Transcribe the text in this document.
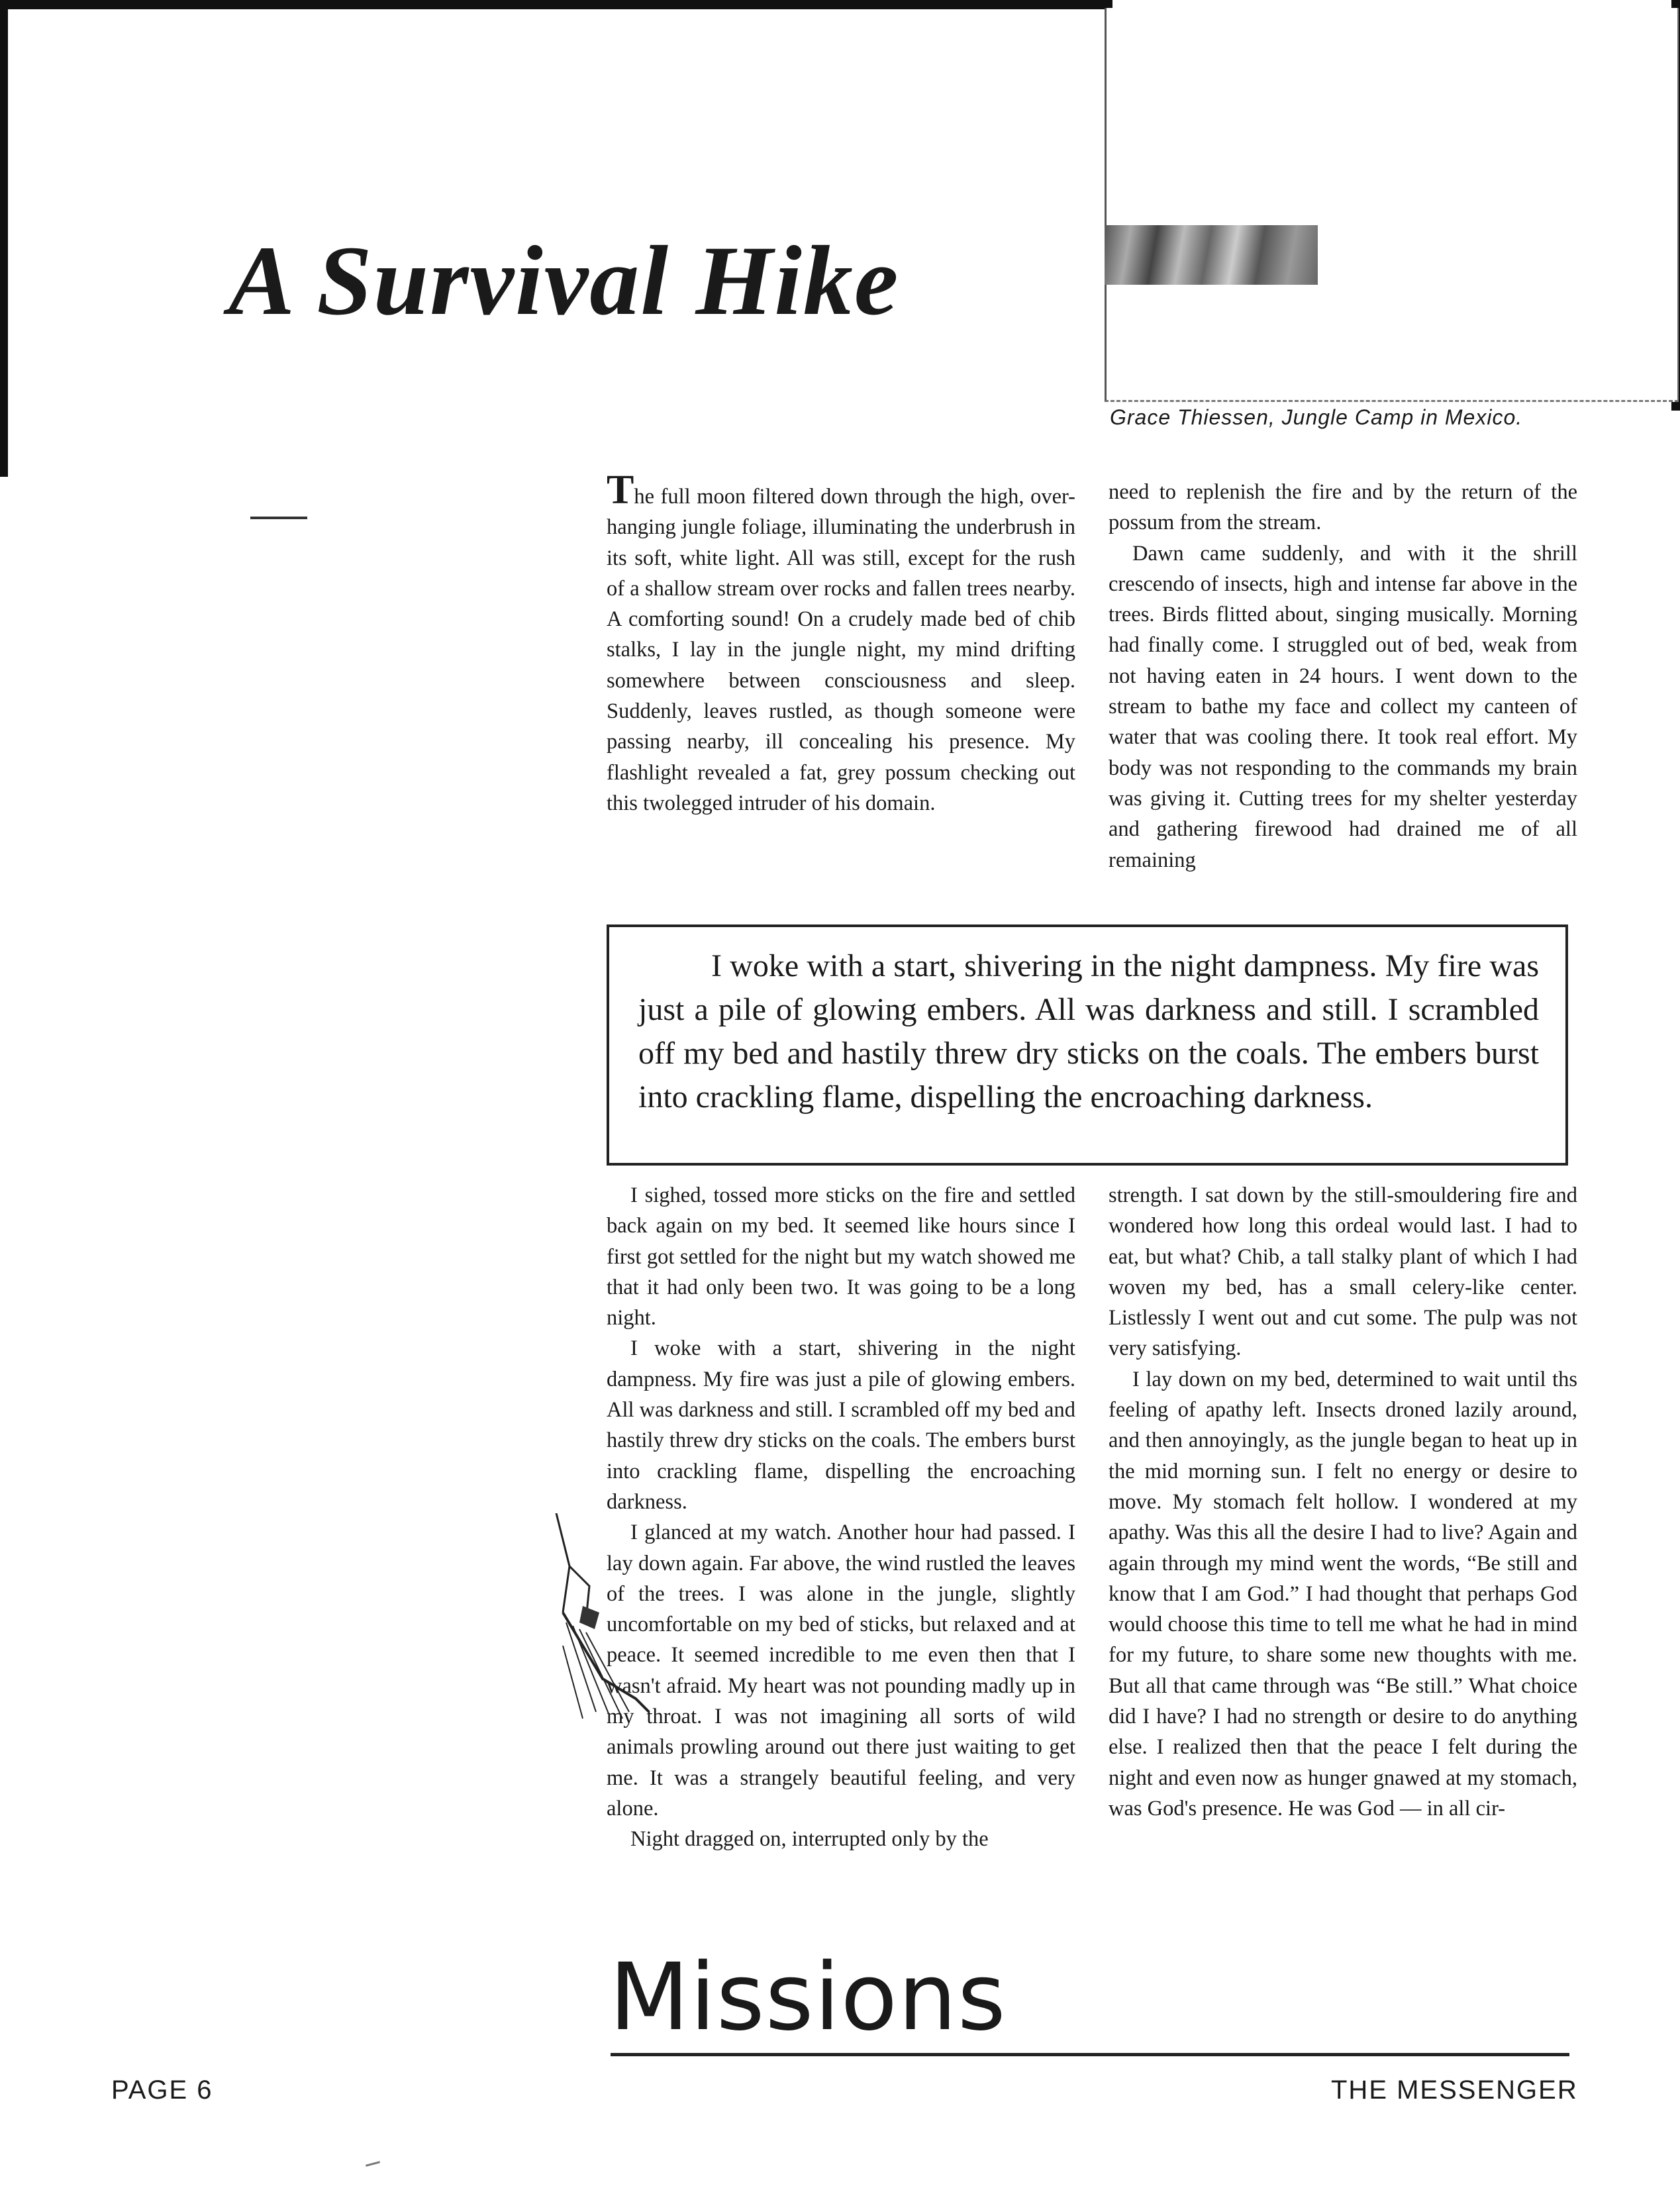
A Survival Hike
Grace Thiessen, Jungle Camp in Mexico.

The full moon filtered down through the high, over-hanging jungle foliage, illuminating the underbrush in its soft, white light. All was still, except for the rush of a shallow stream over rocks and fallen trees nearby. A comforting sound! On a crudely made bed of chib stalks, I lay in the jungle night, my mind drifting somewhere between consciousness and sleep. Suddenly, leaves rustled, as though someone were passing nearby, ill concealing his presence. My flashlight revealed a fat, grey possum checking out this twolegged intruder of his domain.

need to replenish the fire and by the return of the possum from the stream.

Dawn came suddenly, and with it the shrill crescendo of insects, high and intense far above in the trees. Birds flitted about, singing musically. Morning had finally come. I struggled out of bed, weak from not having eaten in 24 hours. I went down to the stream to bathe my face and collect my canteen of water that was cooling there. It took real effort. My body was not responding to the commands my brain was giving it. Cutting trees for my shelter yesterday and gathering firewood had drained me of all remaining

I woke with a start, shivering in the night dampness. My fire was just a pile of glowing embers. All was darkness and still. I scrambled off my bed and hastily threw dry sticks on the coals. The embers burst into crackling flame, dispelling the encroaching darkness.

I sighed, tossed more sticks on the fire and settled back again on my bed. It seemed like hours since I first got settled for the night but my watch showed me that it had only been two. It was going to be a long night.

I woke with a start, shivering in the night dampness. My fire was just a pile of glowing embers. All was darkness and still. I scrambled off my bed and hastily threw dry sticks on the coals. The embers burst into crackling flame, dispelling the encroaching darkness.

I glanced at my watch. Another hour had passed. I lay down again. Far above, the wind rustled the leaves of the trees. I was alone in the jungle, slightly uncomfortable on my bed of sticks, but relaxed and at peace. It seemed incredible to me even then that I wasn't afraid. My heart was not pounding madly up in my throat. I was not imagining all sorts of wild animals prowling around out there just waiting to get me. It was a strangely beautiful feeling, and very alone.

Night dragged on, interrupted only by the

strength. I sat down by the still-smouldering fire and wondered how long this ordeal would last. I had to eat, but what? Chib, a tall stalky plant of which I had woven my bed, has a small celery-like center. Listlessly I went out and cut some. The pulp was not very satisfying.

I lay down on my bed, determined to wait until ths feeling of apathy left. Insects droned lazily around, and then annoyingly, as the jungle began to heat up in the mid morning sun. I felt no energy or desire to move. My stomach felt hollow. I wondered at my apathy. Was this all the desire I had to live? Again and again through my mind went the words, “Be still and know that I am God.” I had thought that perhaps God would choose this time to tell me what he had in mind for my future, to share some new thoughts with me. But all that came through was “Be still.” What choice did I have? I had no strength or desire to do anything else. I realized then that the peace I felt during the night and even now as hunger gnawed at my stomach, was God's presence. He was God — in all cir-

Missions
PAGE 6	THE MESSENGER
